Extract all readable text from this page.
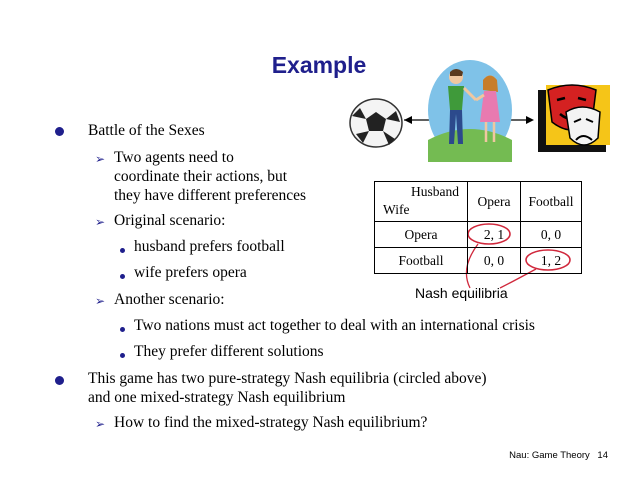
Example
Battle of the Sexes
➢ Two agents need to
coordinate their actions, but
they have different preferences
➢ Original scenario:
husband prefers football
wife prefers opera
➢ Another scenario:
Two nations must act together to deal with an international crisis
They prefer different solutions
This game has two pure-strategy Nash equilibria (circled above)
and one mixed-strategy Nash equilibrium
➢ How to find the mixed-strategy Nash equilibrium?
Husband
Wife	Opera	Football
Opera	2, 1	0, 0
Football	0, 0	1, 2
Nash equilibria
Nau: Game Theory 14
